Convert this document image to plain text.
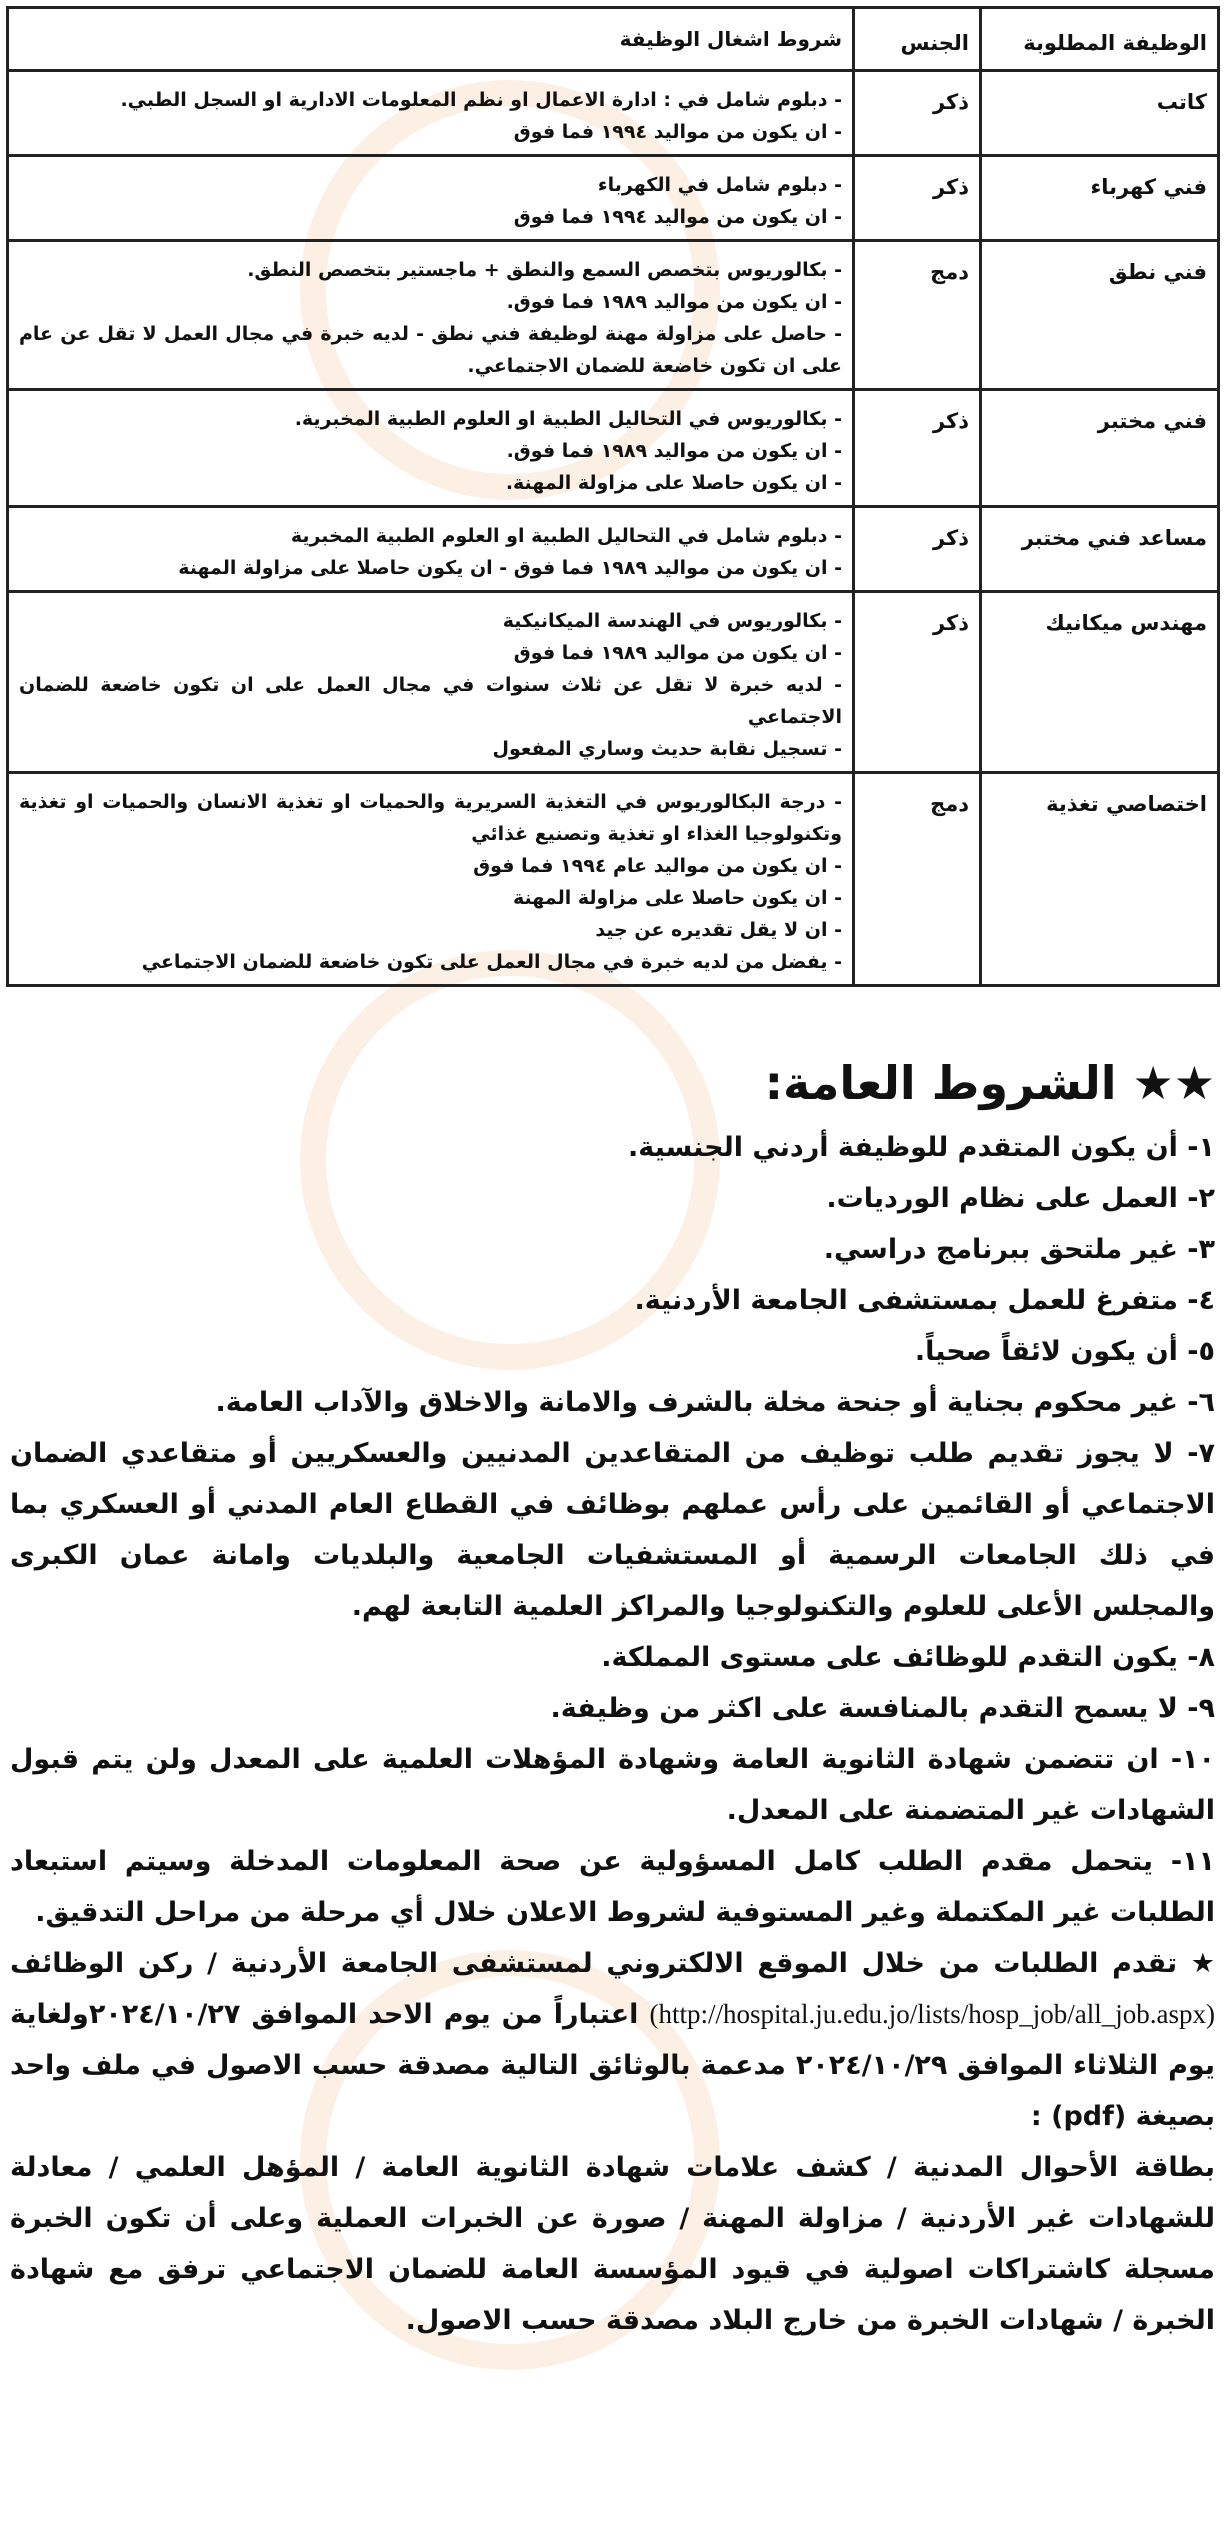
الوظيفة المطلوبة	الجنس	شروط اشغال الوظيفة
كاتب	ذكر	- دبلوم شامل في : ادارة الاعمال او نظم المعلومات الادارية او السجل الطبي.
- ان يكون من مواليد ١٩٩٤ فما فوق

فني كهرباء	ذكر	- دبلوم شامل في الكهرباء
- ان يكون من مواليد ١٩٩٤ فما فوق

فني نطق	دمج	- بكالوريوس بتخصص السمع والنطق + ماجستير بتخصص النطق.
- ان يكون من مواليد ١٩٨٩ فما فوق.
- حاصل على مزاولة مهنة لوظيفة فني نطق - لديه خبرة في مجال العمل لا تقل عن عام على ان تكون خاضعة للضمان الاجتماعي.

فني مختبر	ذكر	- بكالوريوس في التحاليل الطبية او العلوم الطبية المخبرية.
- ان يكون من مواليد ١٩٨٩ فما فوق.
- ان يكون حاصلا على مزاولة المهنة.

مساعد فني مختبر	ذكر	- دبلوم شامل في التحاليل الطبية او العلوم الطبية المخبرية
- ان يكون من مواليد ١٩٨٩ فما فوق - ان يكون حاصلا على مزاولة المهنة

مهندس ميكانيك	ذكر	- بكالوريوس في الهندسة الميكانيكية
- ان يكون من مواليد ١٩٨٩ فما فوق
- لديه خبرة لا تقل عن ثلاث سنوات في مجال العمل على ان تكون خاضعة للضمان الاجتماعي
- تسجيل نقابة حديث وساري المفعول

اختصاصي تغذية	دمج	- درجة البكالوريوس في التغذية السريرية والحميات او تغذية الانسان والحميات او تغذية وتكنولوجيا الغذاء او تغذية وتصنيع غذائي
- ان يكون من مواليد عام ١٩٩٤ فما فوق
- ان يكون حاصلا على مزاولة المهنة
- ان لا يقل تقديره عن جيد
- يفضل من لديه خبرة في مجال العمل على تكون خاضعة للضمان الاجتماعي
★★ الشروط العامة:

١- أن يكون المتقدم للوظيفة أردني الجنسية.

٢- العمل على نظام الورديات.

٣- غير ملتحق ببرنامج دراسي.

٤- متفرغ للعمل بمستشفى الجامعة الأردنية.

٥- أن يكون لائقاً صحياً.

٦- غير محكوم بجناية أو جنحة مخلة بالشرف والامانة والاخلاق والآداب العامة.

٧- لا يجوز تقديم طلب توظيف من المتقاعدين المدنيين والعسكريين أو متقاعدي الضمان الاجتماعي أو القائمين على رأس عملهم بوظائف في القطاع العام المدني أو العسكري بما في ذلك الجامعات الرسمية أو المستشفيات الجامعية والبلديات وامانة عمان الكبرى والمجلس الأعلى للعلوم والتكنولوجيا والمراكز العلمية التابعة لهم.

٨- يكون التقدم للوظائف على مستوى المملكة.

٩- لا يسمح التقدم بالمنافسة على اكثر من وظيفة.

١٠- ان تتضمن شهادة الثانوية العامة وشهادة المؤهلات العلمية على المعدل ولن يتم قبول الشهادات غير المتضمنة على المعدل.

١١- يتحمل مقدم الطلب كامل المسؤولية عن صحة المعلومات المدخلة وسيتم استبعاد الطلبات غير المكتملة وغير المستوفية لشروط الاعلان خلال أي مرحلة من مراحل التدقيق.

★ تقدم الطلبات من خلال الموقع الالكتروني لمستشفى الجامعة الأردنية / ركن الوظائف (http://hospital.ju.edu.jo/lists/hosp_job/all_job.aspx) اعتباراً من يوم الاحد الموافق ٢٠٢٤/١٠/٢٧ولغاية يوم الثلاثاء الموافق ٢٠٢٤/١٠/٢٩ مدعمة بالوثائق التالية مصدقة حسب الاصول في ملف واحد بصيغة (pdf) :

بطاقة الأحوال المدنية / كشف علامات شهادة الثانوية العامة / المؤهل العلمي / معادلة للشهادات غير الأردنية / مزاولة المهنة / صورة عن الخبرات العملية وعلى أن تكون الخبرة مسجلة كاشتراكات اصولية في قيود المؤسسة العامة للضمان الاجتماعي ترفق مع شهادة الخبرة / شهادات الخبرة من خارج البلاد مصدقة حسب الاصول.
